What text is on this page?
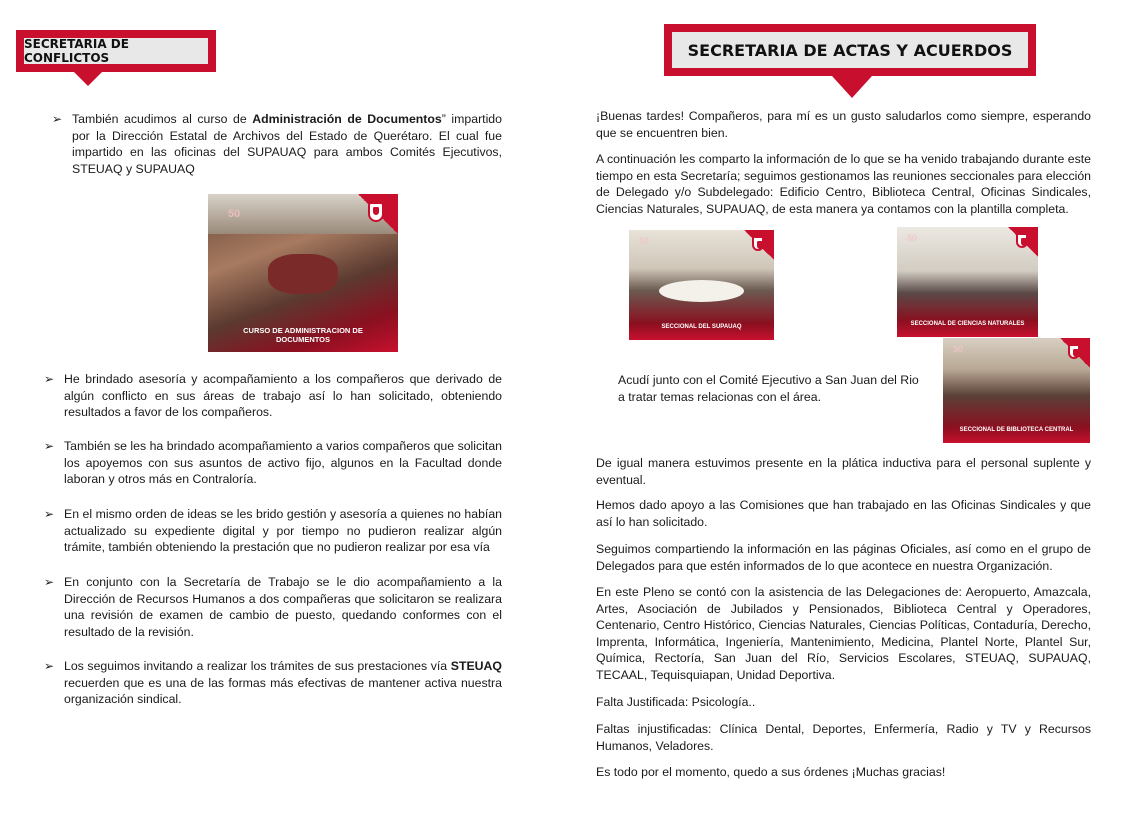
SECRETARIA DE CONFLICTOS	SECRETARIA DE ACTAS Y ACUERDOS
➢ También acudimos al curso de Administración de Documentos” impartido por la Dirección Estatal de Archivos del Estado de Querétaro. El cual fue impartido en las oficinas del SUPAUAQ para ambos Comités Ejecutivos, STEUAQ y SUPAUAQ
50
CURSO DE ADMINISTRACION DE DOCUMENTOS
➢ He brindado asesoría y acompañamiento a los compañeros que derivado de algún conflicto en sus áreas de trabajo así lo han solicitado, obteniendo resultados a favor de los compañeros.
➢ También se les ha brindado acompañamiento a varios compañeros que solicitan los apoyemos con sus asuntos de activo fijo, algunos en la Facultad donde laboran y otros más en Contraloría.
➢ En el mismo orden de ideas se les brido gestión y asesoría a quienes no habían actualizado su expediente digital y por tiempo no pudieron realizar algún trámite, también obteniendo la prestación que no pudieron realizar por esa vía
➢ En conjunto con la Secretaría de Trabajo se le dio acompañamiento a la Dirección de Recursos Humanos a dos compañeras que solicitaron se realizara una revisión de examen de cambio de puesto, quedando conformes con el resultado de la revisión.
➢ Los seguimos invitando a realizar los trámites de sus prestaciones vía STEUAQ recuerden que es una de las formas más efectivas de mantener activa nuestra organización sindical.
¡Buenas tardes! Compañeros, para mí es un gusto saludarlos como siempre, esperando que se encuentren bien.
A continuación les comparto la información de lo que se ha venido trabajando durante este tiempo en esta Secretaría; seguimos gestionamos las reuniones seccionales para elección de Delegado y/o Subdelegado: Edificio Centro, Biblioteca Central, Oficinas Sindicales, Ciencias Naturales, SUPAUAQ, de esta manera ya contamos con la plantilla completa.
50
SECCIONAL DEL SUPAUAQ
50
SECCIONAL DE CIENCIAS NATURALES
50
SECCIONAL DE BIBLIOTECA CENTRAL
Acudí junto con el Comité Ejecutivo a San Juan del Rio a tratar temas relacionas con el área.
De igual manera estuvimos presente en la plática inductiva para el personal suplente y eventual.
Hemos dado apoyo a las Comisiones que han trabajado en las Oficinas Sindicales y que así lo han solicitado.
Seguimos compartiendo la información en las páginas Oficiales, así como en el grupo de Delegados para que estén informados de lo que acontece en nuestra Organización.
En este Pleno se contó con la asistencia de las Delegaciones de: Aeropuerto, Amazcala, Artes, Asociación de Jubilados y Pensionados, Biblioteca Central y Operadores, Centenario, Centro Histórico, Ciencias Naturales, Ciencias Políticas, Contaduría, Derecho, Imprenta, Informática, Ingeniería, Mantenimiento, Medicina, Plantel Norte, Plantel Sur, Química, Rectoría, San Juan del Río, Servicios Escolares, STEUAQ, SUPAUAQ, TECAAL, Tequisquiapan, Unidad Deportiva.
Falta Justificada: Psicología..
Faltas injustificadas: Clínica Dental, Deportes, Enfermería, Radio y TV y Recursos Humanos, Veladores.
Es todo por el momento, quedo a sus órdenes ¡Muchas gracias!
